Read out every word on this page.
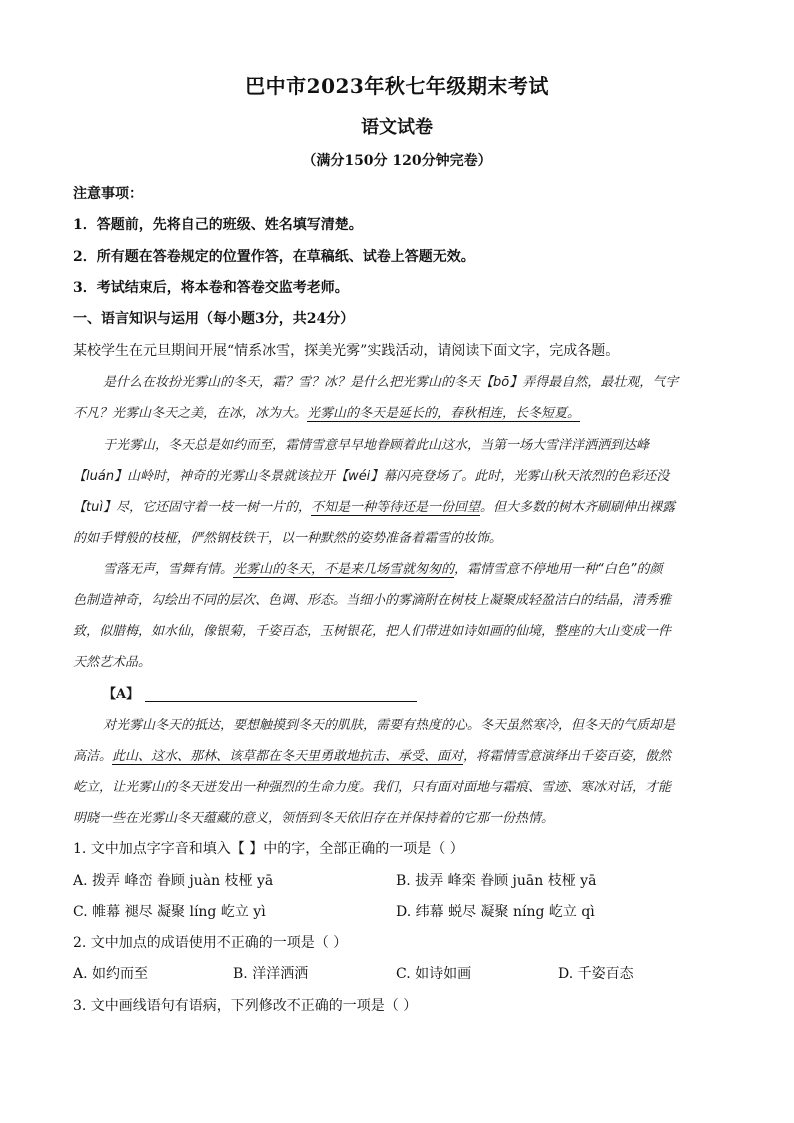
巴中市2023年秋七年级期末考试
语文试卷
（满分150分 120分钟完卷）
注意事项：
1．答题前，先将自己的班级、姓名填写清楚。
2．所有题在答卷规定的位置作答，在草稿纸、试卷上答题无效。
3．考试结束后，将本卷和答卷交监考老师。
一、语言知识与运用（每小题3分，共24分）
某校学生在元旦期间开展“情系冰雪，探美光雾”实践活动，请阅读下面文字，完成各题。
是什么在妆扮光雾山的冬天，霜？雪？冰？是什么把光雾山的冬天【bō】弄得最自然，最壮观，气宇
不凡？光雾山冬天之美，在冰，冰为大。光雾山的冬天是延长的，春秋相连，长冬短夏。
于光雾山，冬天总是如约而至，霜情雪意早早地眷顾着此山这水，当第一场大雪洋洋洒洒到达峰
【luán】山岭时，神奇的光雾山冬景就该拉开【wéi】幕闪亮登场了。此时，光雾山秋天浓烈的色彩还没
【tuì】尽，它还固守着一枝一树一片的，不知是一种等待还是一份回望。但大多数的树木齐刷刷伸出裸露
的如手臂般的枝桠，俨然钢枝铁干，以一种默然的姿势准备着霜雪的妆饰。
雪落无声，雪舞有情。光雾山的冬天，不是来几场雪就匆匆的，霜情雪意不停地用一种“白色”的颜
色制造神奇，勾绘出不同的层次、色调、形态。当细小的雾滴附在树枝上凝聚成轻盈洁白的结晶，清秀雅
致，似腊梅，如水仙，像银菊，千姿百态，玉树银花，把人们带进如诗如画的仙境，整座的大山变成一件
天然艺术品。
【A】
对光雾山冬天的抵达，要想触摸到冬天的肌肤，需要有热度的心。冬天虽然寒冷，但冬天的气质却是
高洁。此山、这水、那林、该草都在冬天里勇敢地抗击、承受、面对，将霜情雪意演绎出千姿百姿，傲然
屹立，让光雾山的冬天迸发出一种强烈的生命力度。我们，只有面对面地与霜痕、雪迹、寒冰对话，才能
明晓一些在光雾山冬天蕴藏的意义，领悟到冬天依旧存在并保持着的它那一份热情。
1. 文中加点字字音和填入【 】中的字，全部正确的一项是（ ）
A. 拨弄 峰峦 眷顾 juàn 枝桠 yā	B. 拔弄 峰栾 眷顾 juān 枝桠 yā
C. 帷幕 褪尽 凝聚 líng 屹立 yì	D. 纬幕 蜕尽 凝聚 níng 屹立 qì
2. 文中加点的成语使用不正确的一项是（ ）
A. 如约而至	B. 洋洋洒洒	C. 如诗如画	D. 千姿百态
3. 文中画线语句有语病，下列修改不正确的一项是（ ）
